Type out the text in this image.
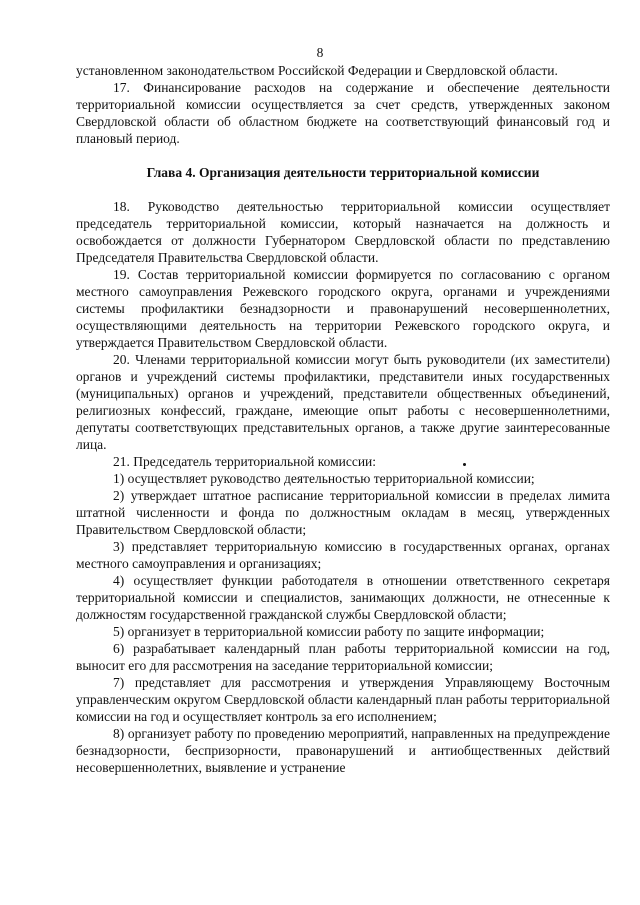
8

установленном законодательством Российской Федерации и Свердловской области.

17. Финансирование расходов на содержание и обеспечение деятельности территориальной комиссии осуществляется за счет средств, утвержденных законом Свердловской области об областном бюджете на соответствующий финансовый год и плановый период.

Глава 4. Организация деятельности территориальной комиссии

18. Руководство деятельностью территориальной комиссии осуществляет председатель территориальной комиссии, который назначается на должность и освобождается от должности Губернатором Свердловской области по представлению Председателя Правительства Свердловской области.

19. Состав территориальной комиссии формируется по согласованию с органом местного самоуправления Режевского городского округа, органами и учреждениями системы профилактики безнадзорности и правонарушений несовершеннолетних, осуществляющими деятельность на территории Режевского городского округа, и утверждается Правительством Свердловской области.

20. Членами территориальной комиссии могут быть руководители (их заместители) органов и учреждений системы профилактики, представители иных государственных (муниципальных) органов и учреждений, представители общественных объединений, религиозных конфессий, граждане, имеющие опыт работы с несовершеннолетними, депутаты соответствующих представительных органов, а также другие заинтересованные лица.

21. Председатель территориальной комиссии:

1) осуществляет руководство деятельностью территориальной комиссии;

2) утверждает штатное расписание территориальной комиссии в пределах лимита штатной численности и фонда по должностным окладам в месяц, утвержденных Правительством Свердловской области;

3) представляет территориальную комиссию в государственных органах, органах местного самоуправления и организациях;

4) осуществляет функции работодателя в отношении ответственного секретаря территориальной комиссии и специалистов, занимающих должности, не отнесенные к должностям государственной гражданской службы Свердловской области;

5) организует в территориальной комиссии работу по защите информации;

6) разрабатывает календарный план работы территориальной комиссии на год, выносит его для рассмотрения на заседание территориальной комиссии;

7) представляет для рассмотрения и утверждения Управляющему Восточным управленческим округом Свердловской области календарный план работы территориальной комиссии на год и осуществляет контроль за его исполнением;

8) организует работу по проведению мероприятий, направленных на предупреждение безнадзорности, беспризорности, правонарушений и антиобщественных действий несовершеннолетних, выявление и устранение
